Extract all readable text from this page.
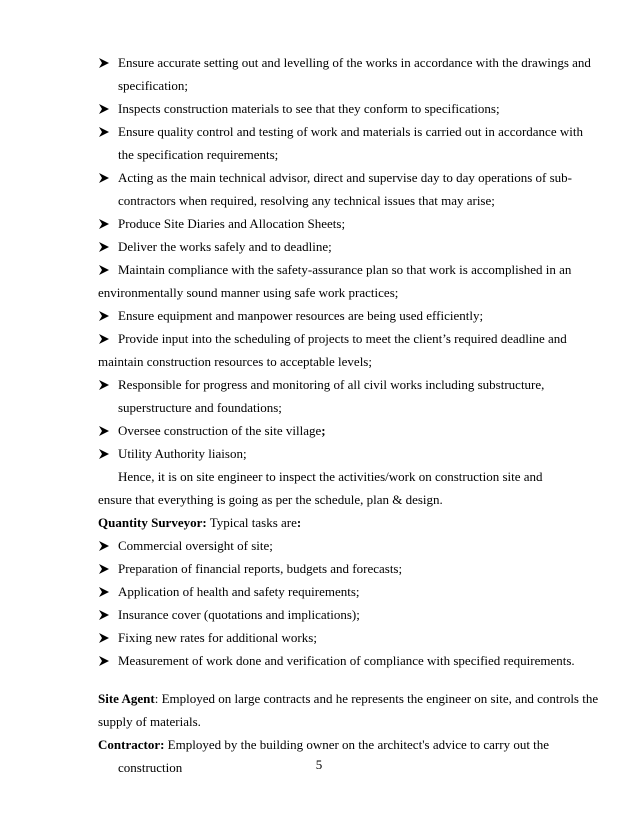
Ensure accurate setting out and levelling of the works in accordance with the drawings and
specification;
Inspects construction materials to see that they conform to specifications;
Ensure quality control and testing of work and materials is carried out in accordance with
the specification requirements;
Acting as the main technical advisor, direct and supervise day to day operations of sub-
contractors when required, resolving any technical issues that may arise;
Produce Site Diaries and Allocation Sheets;
Deliver the works safely and to deadline;
Maintain compliance with the safety-assurance plan so that work is accomplished in an
environmentally sound manner using safe work practices;
Ensure equipment and manpower resources are being used efficiently;
Provide input into the scheduling of projects to meet the client’s required deadline and
maintain construction resources to acceptable levels;
Responsible for progress and monitoring of all civil works including substructure,
superstructure and foundations;
Oversee construction of the site village;
Utility Authority liaison;
Hence, it is on site engineer to inspect the activities/work on construction site and
ensure that everything is going as per the schedule, plan & design.
Quantity Surveyor: Typical tasks are:
Commercial oversight of site;
Preparation of financial reports, budgets and forecasts;
Application of health and safety requirements;
Insurance cover (quotations and implications);
Fixing new rates for additional works;
Measurement of work done and verification of compliance with specified requirements.
Site Agent: Employed on large contracts and he represents the engineer on site, and controls the
supply of materials.
Contractor: Employed by the building owner on the architect's advice to carry out the
construction	5
